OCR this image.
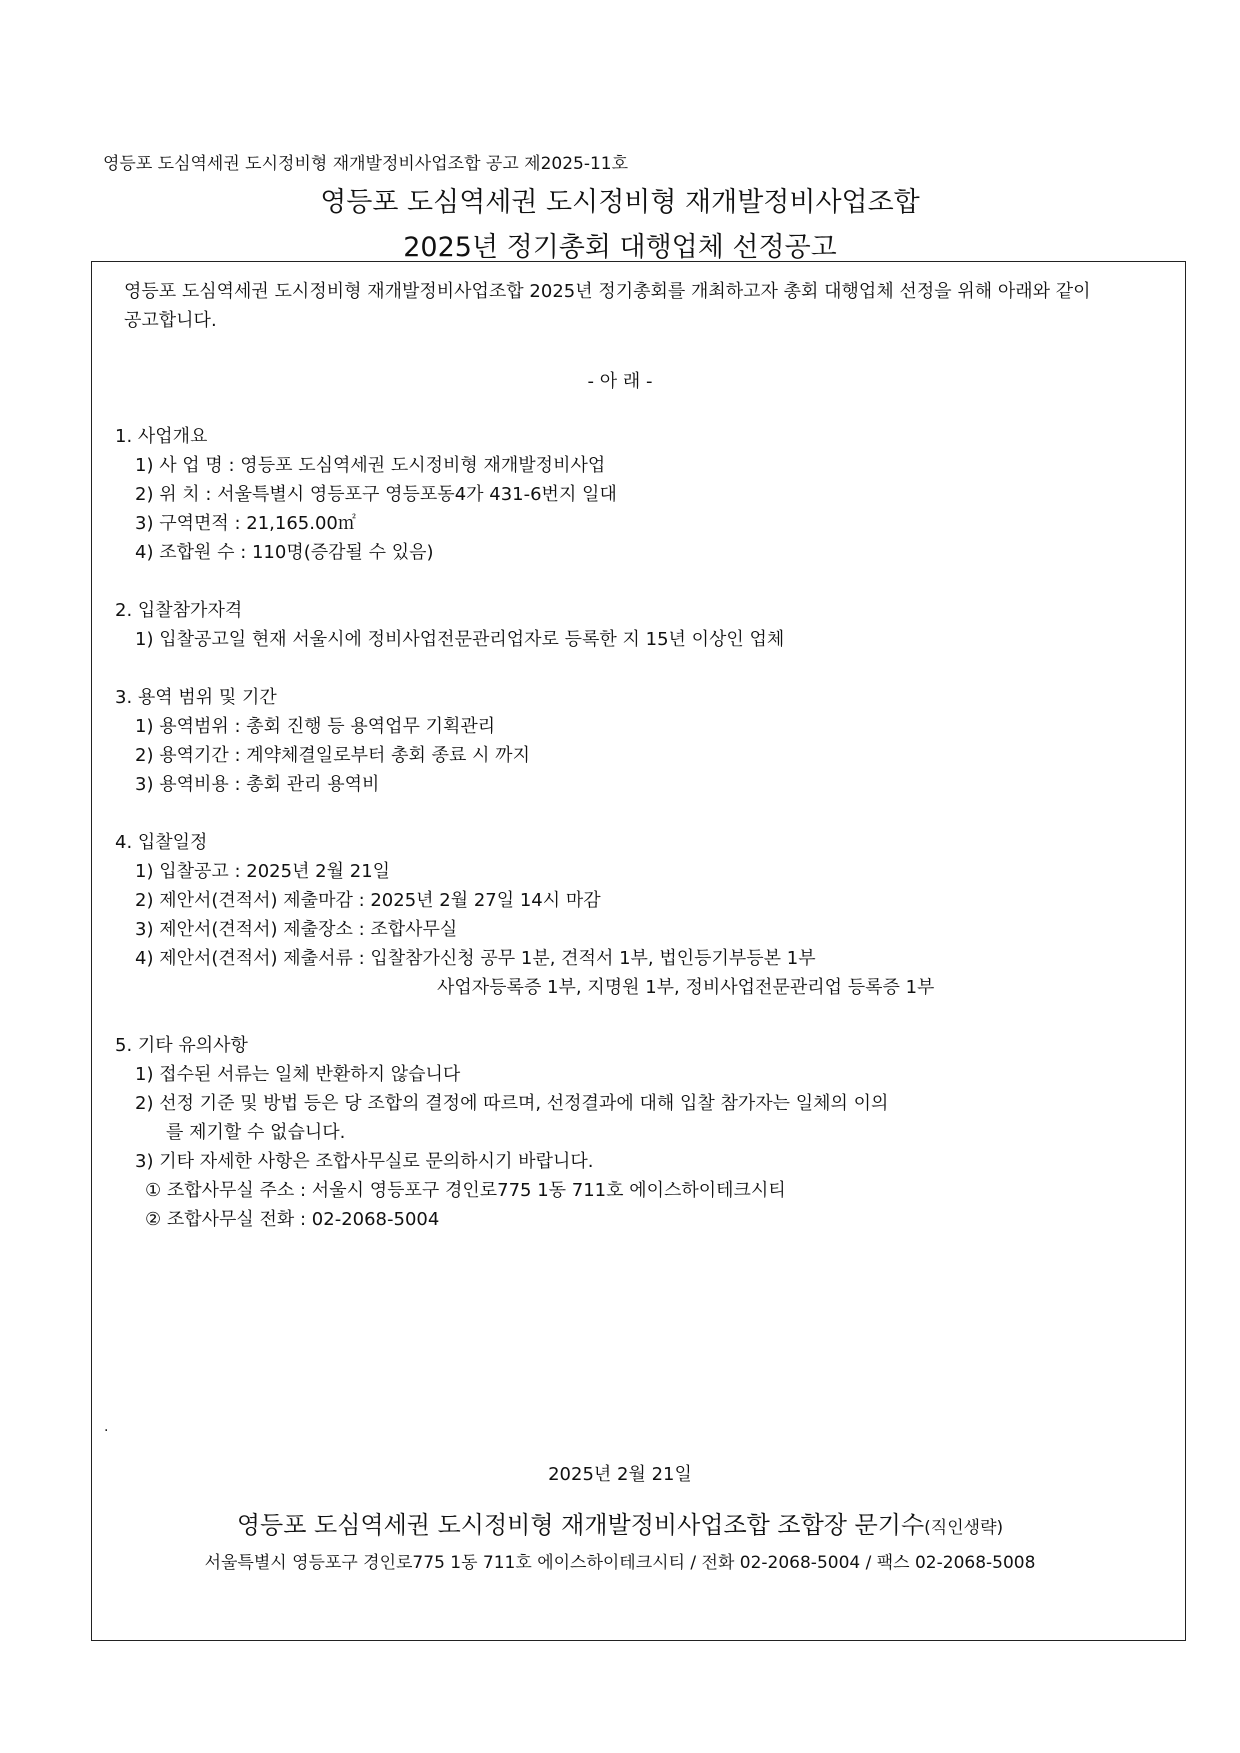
영등포 도심역세권 도시정비형 재개발정비사업조합 공고 제2025-11호
영등포 도심역세권 도시정비형 재개발정비사업조합
2025년 정기총회 대행업체 선정공고
영등포 도심역세권 도시정비형 재개발정비사업조합 2025년 정기총회를 개최하고자 총회 대행업체 선정을 위해 아래와 같이 공고합니다.
- 아 래 -
1. 사업개요
1) 사 업 명 : 영등포 도심역세권 도시정비형 재개발정비사업
2) 위 치 : 서울특별시 영등포구 영등포동4가 431-6번지 일대
3) 구역면적 : 21,165.00㎡
4) 조합원 수 : 110명(증감될 수 있음)
2. 입찰참가자격
1) 입찰공고일 현재 서울시에 정비사업전문관리업자로 등록한 지 15년 이상인 업체
3. 용역 범위 및 기간
1) 용역범위 : 총회 진행 등 용역업무 기획관리
2) 용역기간 : 계약체결일로부터 총회 종료 시 까지
3) 용역비용 : 총회 관리 용역비
4. 입찰일정
1) 입찰공고 : 2025년 2월 21일
2) 제안서(견적서) 제출마감 : 2025년 2월 27일 14시 마감
3) 제안서(견적서) 제출장소 : 조합사무실
4) 제안서(견적서) 제출서류 : 입찰참가신청 공무 1분, 견적서 1부, 법인등기부등본 1부
사업자등록증 1부, 지명원 1부, 정비사업전문관리업 등록증 1부
5. 기타 유의사항
1) 접수된 서류는 일체 반환하지 않습니다
2) 선정 기준 및 방법 등은 당 조합의 결정에 따르며, 선정결과에 대해 입찰 참가자는 일체의 이의
를 제기할 수 없습니다.
3) 기타 자세한 사항은 조합사무실로 문의하시기 바랍니다.
① 조합사무실 주소 : 서울시 영등포구 경인로775 1동 711호 에이스하이테크시티
② 조합사무실 전화 : 02-2068-5004
.
2025년 2월 21일
영등포 도심역세권 도시정비형 재개발정비사업조합 조합장 문기수(직인생략)
서울특별시 영등포구 경인로775 1동 711호 에이스하이테크시티 / 전화 02-2068-5004 / 팩스 02-2068-5008
